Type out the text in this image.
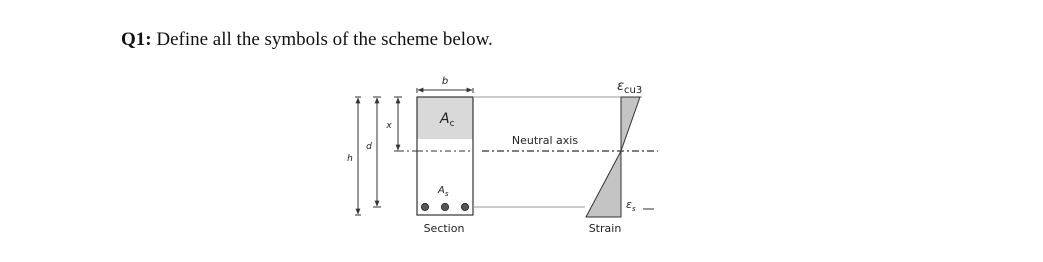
Q1: Define all the symbols of the scheme below.
b
$A_c$
$A_s$
h
d
x
Neutral axis
$\varepsilon_{cu3}$
$\varepsilon_s$
Section	Strain
